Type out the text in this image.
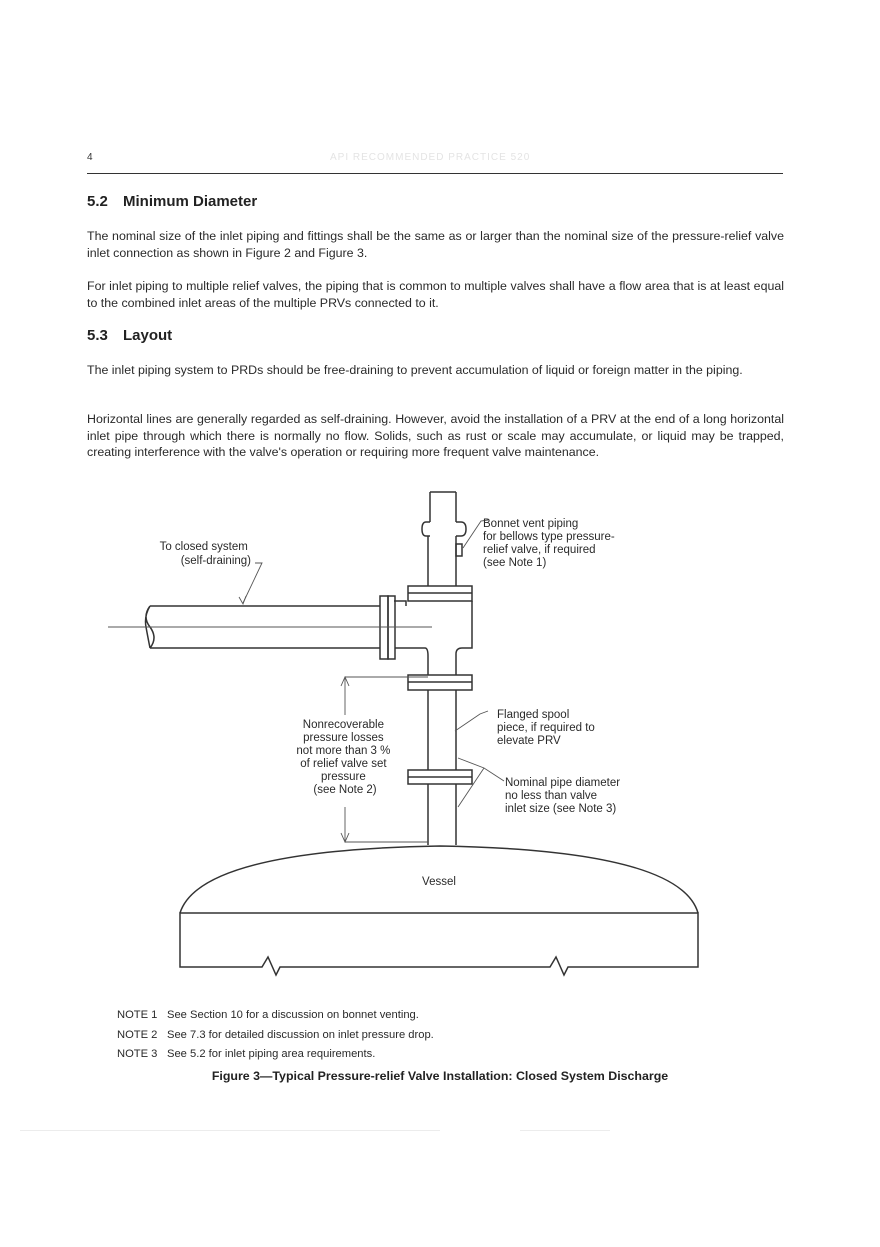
4	API RECOMMENDED PRACTICE 520
5.2 Minimum Diameter

The nominal size of the inlet piping and fittings shall be the same as or larger than the nominal size of the pressure-relief valve inlet connection as shown in Figure 2 and Figure 3.

For inlet piping to multiple relief valves, the piping that is common to multiple valves shall have a flow area that is at least equal to the combined inlet areas of the multiple PRVs connected to it.

5.3 Layout

The inlet piping system to PRDs should be free-draining to prevent accumulation of liquid or foreign matter in the piping.

Horizontal lines are generally regarded as self-draining. However, avoid the installation of a PRV at the end of a long horizontal inlet pipe through which there is normally no flow. Solids, such as rust or scale may accumulate, or liquid may be trapped, creating interference with the valve's operation or requiring more frequent valve maintenance.

To closed system (self-draining)
Bonnet vent piping for bellows type pressure- relief valve, if required (see Note 1)
Nonrecoverable pressure losses not more than 3 % of relief valve set pressure (see Note 2)
Flanged spool piece, if required to elevate PRV
Nominal pipe diameter no less than valve inlet size (see Note 3)
Vessel
NOTE 1 See Section 10 for a discussion on bonnet venting.
NOTE 2 See 7.3 for detailed discussion on inlet pressure drop.
NOTE 3 See 5.2 for inlet piping area requirements.
Figure 3—Typical Pressure-relief Valve Installation: Closed System Discharge
